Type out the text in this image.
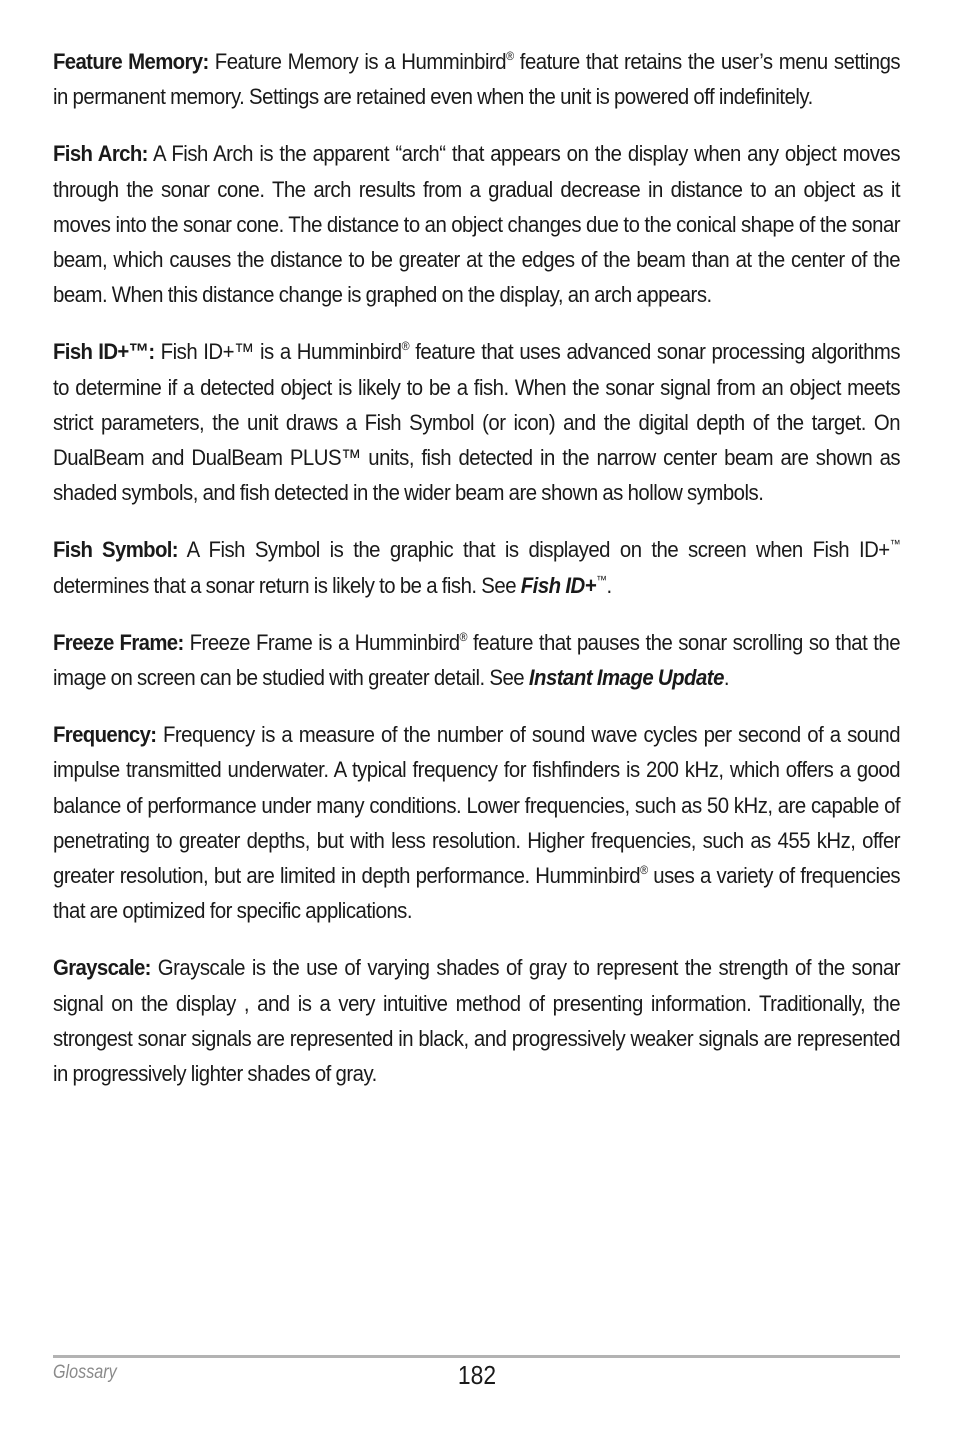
Feature Memory: Feature Memory is a Humminbird® feature that retains the user’s menu settings in permanent memory. Settings are retained even when the unit is powered off indefinitely.

Fish Arch: A Fish Arch is the apparent “arch“ that appears on the display when any object moves through the sonar cone. The arch results from a gradual decrease in distance to an object as it moves into the sonar cone. The distance to an object changes due to the conical shape of the sonar beam, which causes the distance to be greater at the edges of the beam than at the center of the beam. When this distance change is graphed on the display, an arch appears.

Fish ID+™: Fish ID+™ is a Humminbird® feature that uses advanced sonar processing algorithms to determine if a detected object is likely to be a fish. When the sonar signal from an object meets strict parameters, the unit draws a Fish Symbol (or icon) and the digital depth of the target. On DualBeam and DualBeam PLUS™ units, fish detected in the narrow center beam are shown as shaded symbols, and fish detected in the wider beam are shown as hollow symbols.

Fish Symbol: A Fish Symbol is the graphic that is displayed on the screen when Fish ID+™ determines that a sonar return is likely to be a fish. See Fish ID+™.

Freeze Frame: Freeze Frame is a Humminbird® feature that pauses the sonar scrolling so that the image on screen can be studied with greater detail. See Instant Image Update.

Frequency: Frequency is a measure of the number of sound wave cycles per second of a sound impulse transmitted underwater. A typical frequency for fishfinders is 200 kHz, which offers a good balance of performance under many conditions. Lower frequencies, such as 50 kHz, are capable of penetrating to greater depths, but with less resolution. Higher frequencies, such as 455 kHz, offer greater resolution, but are limited in depth performance. Humminbird® uses a variety of frequencies that are optimized for specific applications.

Grayscale: Grayscale is the use of varying shades of gray to represent the strength of the sonar signal on the display , and is a very intuitive method of presenting information. Traditionally, the strongest sonar signals are represented in black, and progressively weaker signals are represented in progressively lighter shades of gray.

Glossary	182
